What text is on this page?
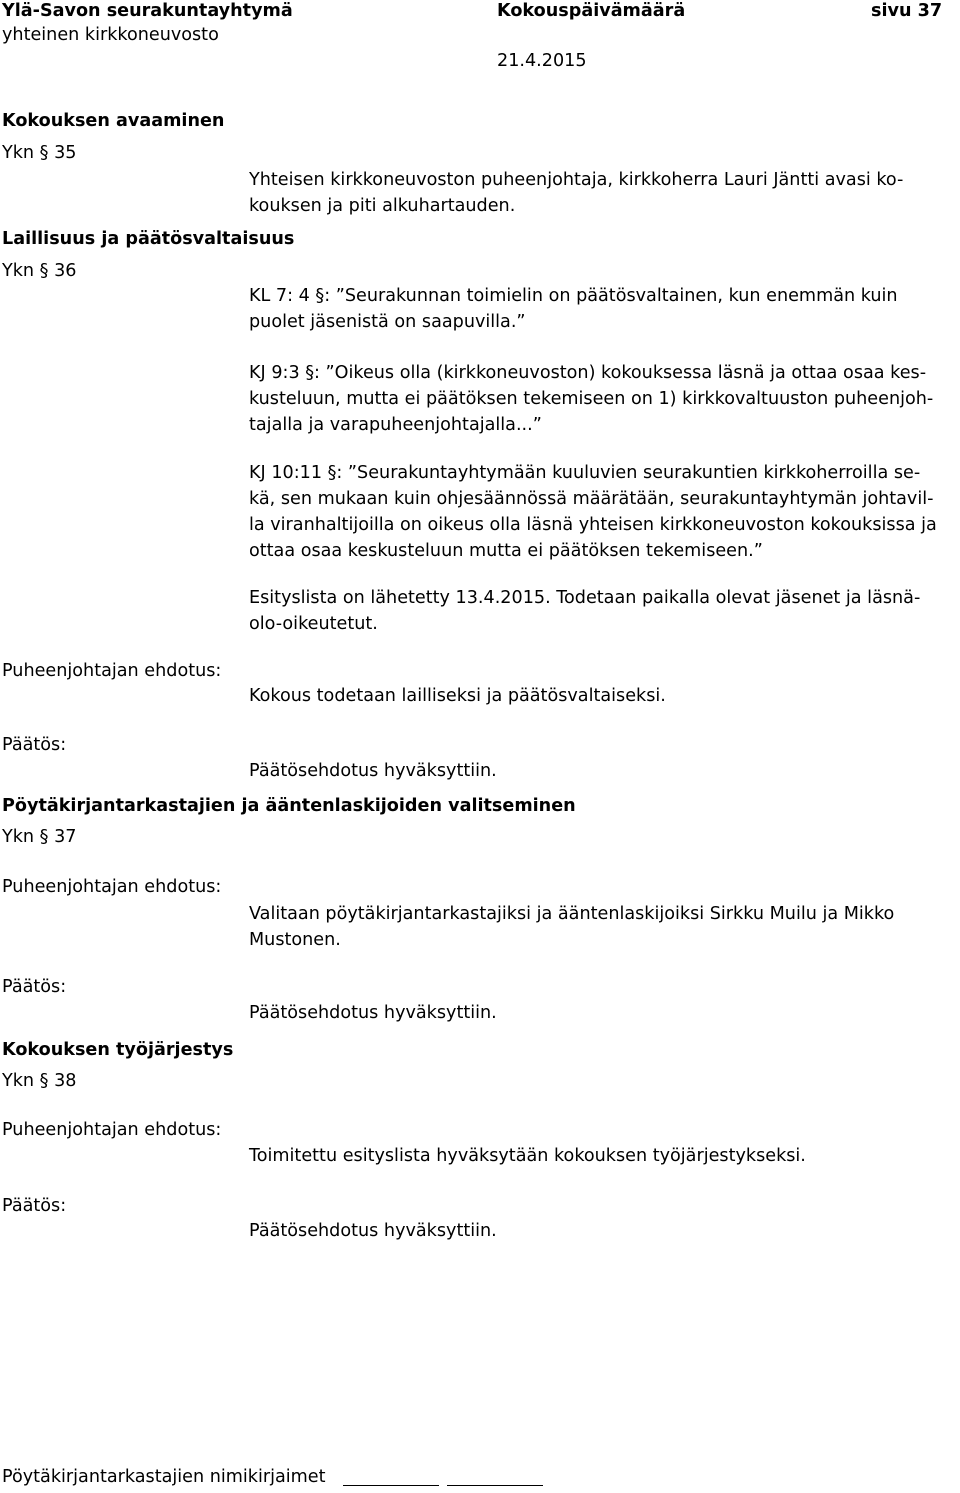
Ylä-Savon seurakuntayhtymä
yhteinen kirkkoneuvosto
Kokouspäivämäärä
21.4.2015
sivu 37
Kokouksen avaaminen
Ykn § 35
Yhteisen kirkkoneuvoston puheenjohtaja, kirkkoherra Lauri Jäntti avasi ko-
kouksen ja piti alkuhartauden.
Laillisuus ja päätösvaltaisuus
Ykn § 36
KL 7: 4 §: ”Seurakunnan toimielin on päätösvaltainen, kun enemmän kuin
puolet jäsenistä on saapuvilla.”
KJ 9:3 §: ”Oikeus olla (kirkkoneuvoston) kokouksessa läsnä ja ottaa osaa kes-
kusteluun, mutta ei päätöksen tekemiseen on 1) kirkkovaltuuston puheenjoh-
tajalla ja varapuheenjohtajalla...”
KJ 10:11 §: ”Seurakuntayhtymään kuuluvien seurakuntien kirkkoherroilla se-
kä, sen mukaan kuin ohjesäännössä määrätään, seurakuntayhtymän johtavil-
la viranhaltijoilla on oikeus olla läsnä yhteisen kirkkoneuvoston kokouksissa ja
ottaa osaa keskusteluun mutta ei päätöksen tekemiseen.”
Esityslista on lähetetty 13.4.2015. Todetaan paikalla olevat jäsenet ja läsnä-
olo-oikeutetut.
Puheenjohtajan ehdotus:
Kokous todetaan lailliseksi ja päätösvaltaiseksi.
Päätös:
Päätösehdotus hyväksyttiin.
Pöytäkirjantarkastajien ja ääntenlaskijoiden valitseminen
Ykn § 37
Puheenjohtajan ehdotus:
Valitaan pöytäkirjantarkastajiksi ja ääntenlaskijoiksi Sirkku Muilu ja Mikko
Mustonen.
Päätös:
Päätösehdotus hyväksyttiin.
Kokouksen työjärjestys
Ykn § 38
Puheenjohtajan ehdotus:
Toimitettu esityslista hyväksytään kokouksen työjärjestykseksi.
Päätös:
Päätösehdotus hyväksyttiin.
Pöytäkirjantarkastajien nimikirjaimet
